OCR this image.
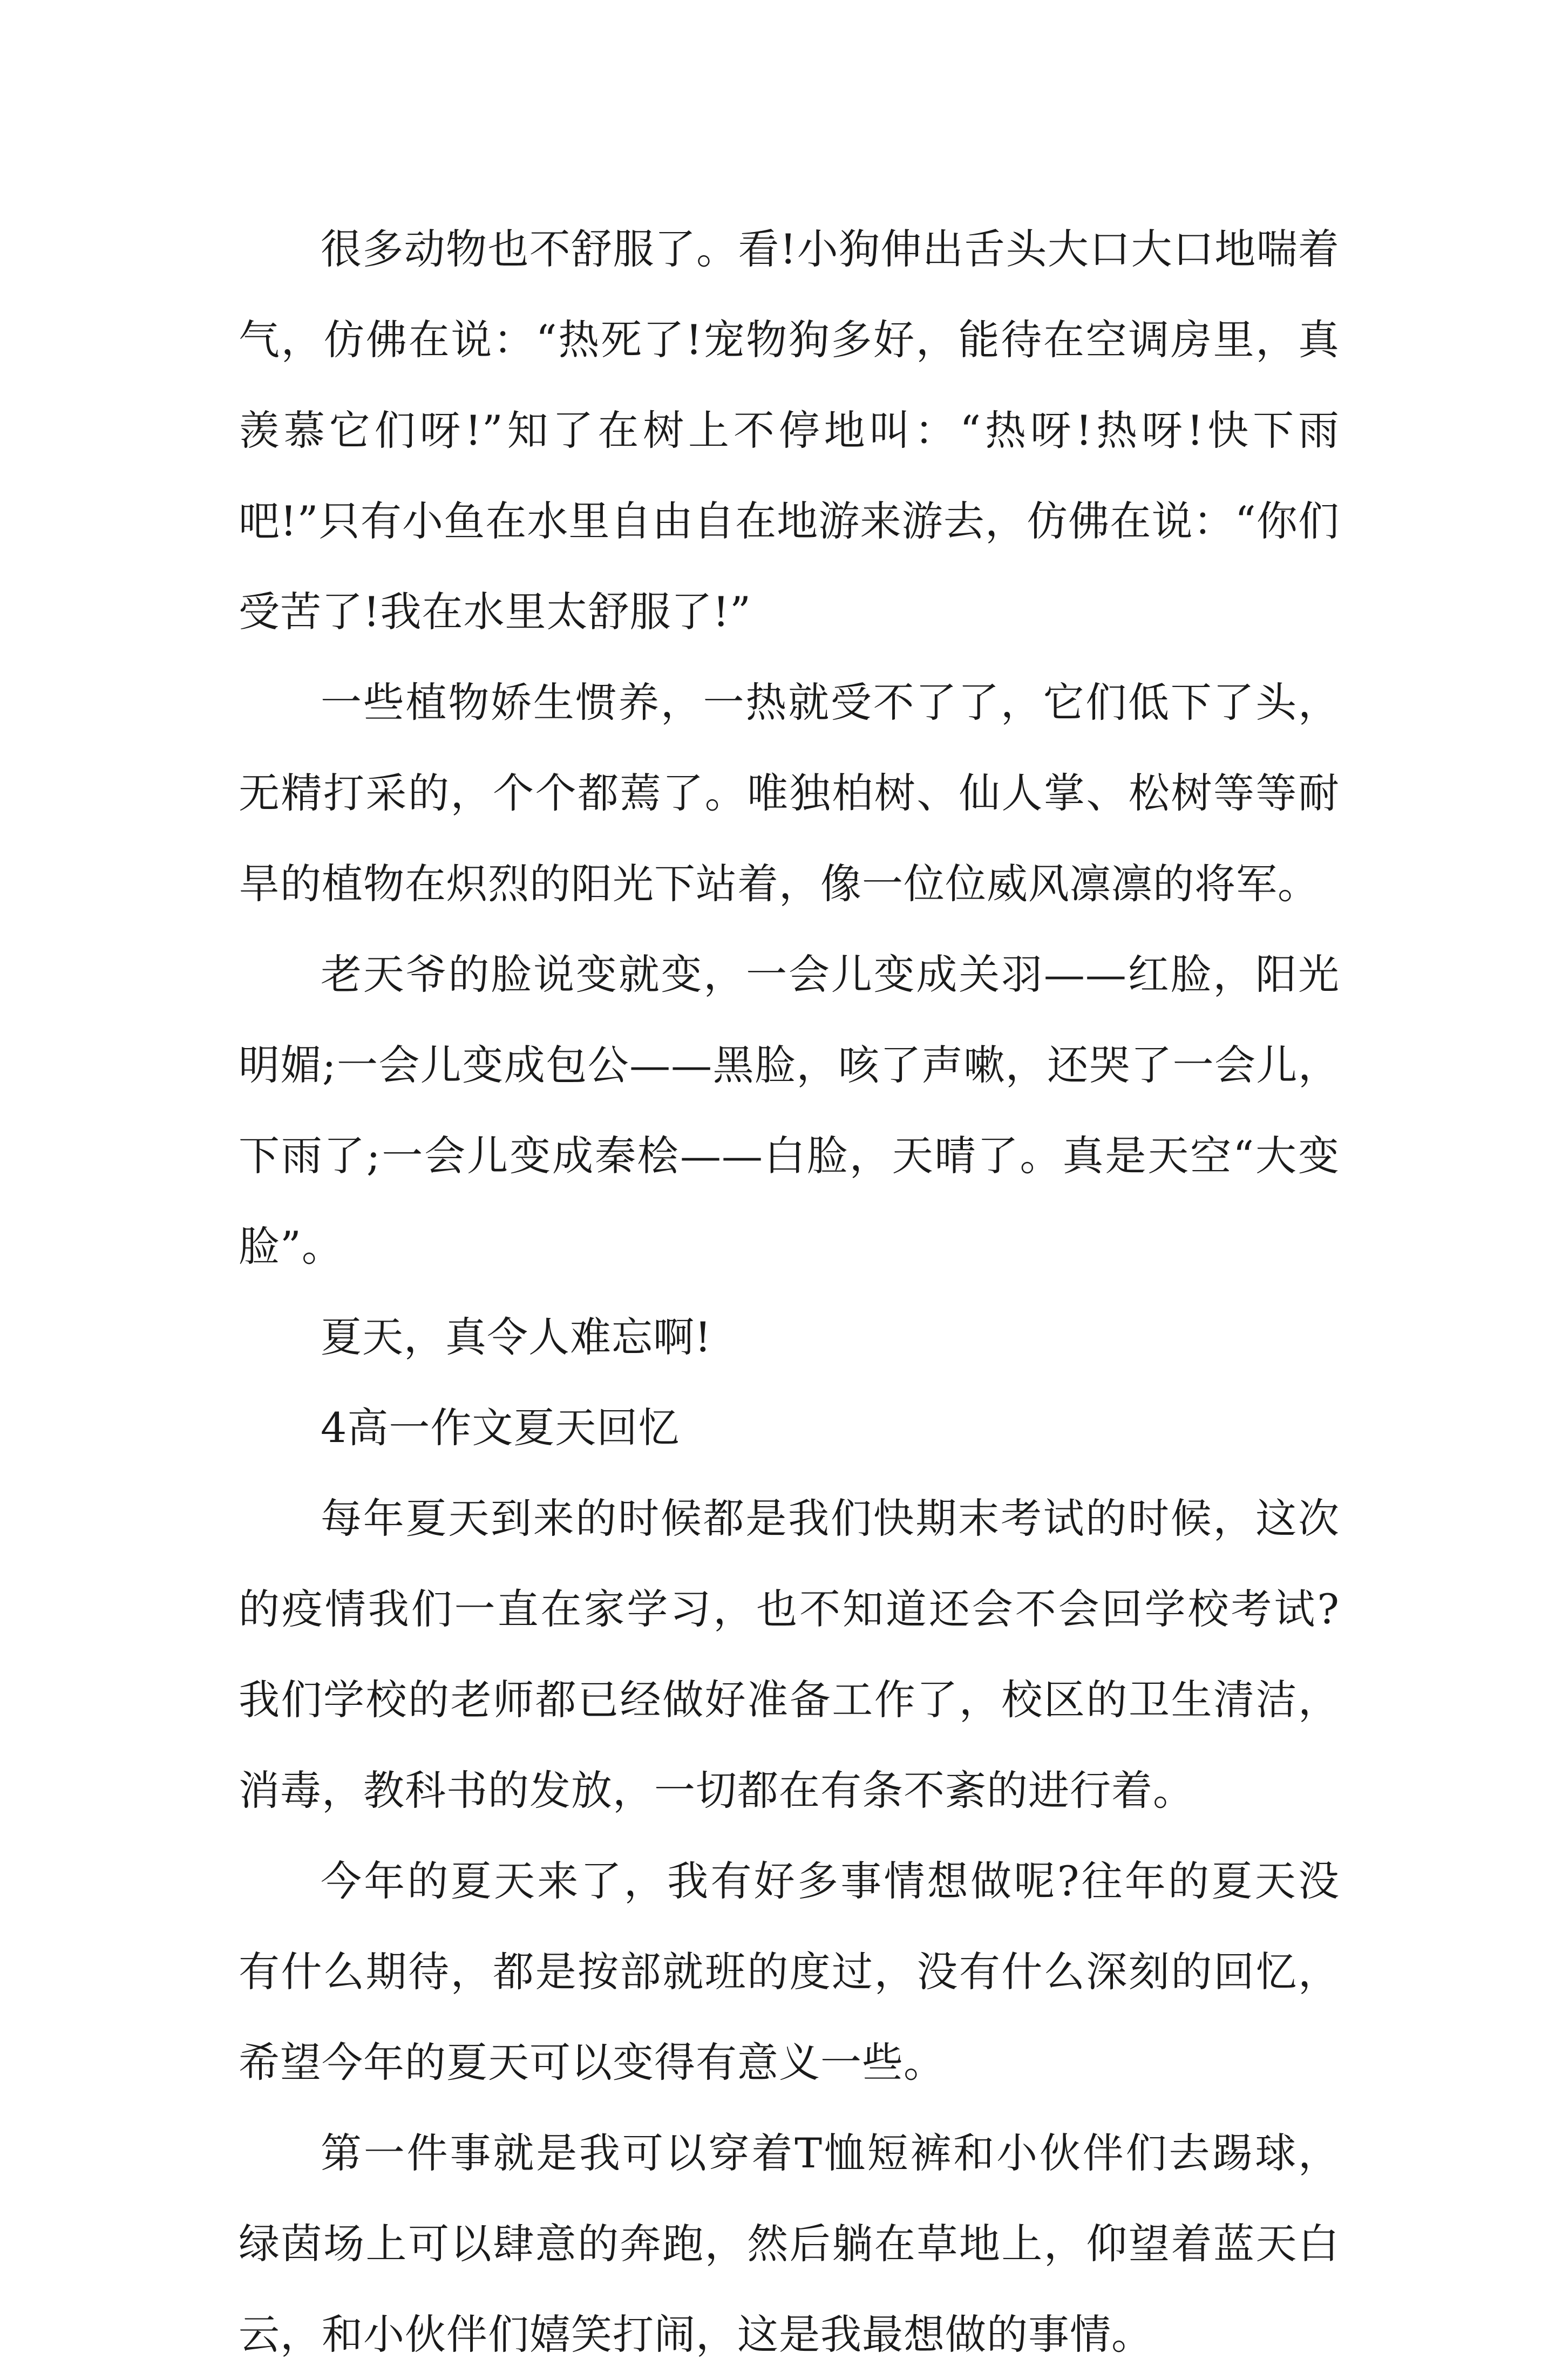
很多动物也不舒服了。看!小狗伸出舌头大口大口地喘着气，仿佛在说：“热死了!宠物狗多好，能待在空调房里，真羡慕它们呀!”知了在树上不停地叫：“热呀!热呀!快下雨吧!”只有小鱼在水里自由自在地游来游去，仿佛在说：“你们受苦了!我在水里太舒服了!”

一些植物娇生惯养，一热就受不了了，它们低下了头，无精打采的，个个都蔫了。唯独柏树、仙人掌、松树等等耐旱的植物在炽烈的阳光下站着，像一位位威风凛凛的将军。

老天爷的脸说变就变，一会儿变成关羽——红脸，阳光明媚;一会儿变成包公——黑脸，咳了声嗽，还哭了一会儿，下雨了;一会儿变成秦桧——白脸，天晴了。真是天空“大变脸”。

夏天，真令人难忘啊!

4高一作文夏天回忆

每年夏天到来的时候都是我们快期末考试的时候，这次的疫情我们一直在家学习，也不知道还会不会回学校考试?我们学校的老师都已经做好准备工作了，校区的卫生清洁，消毒，教科书的发放，一切都在有条不紊的进行着。

今年的夏天来了，我有好多事情想做呢?往年的夏天没有什么期待，都是按部就班的度过，没有什么深刻的回忆，希望今年的夏天可以变得有意义一些。

第一件事就是我可以穿着T恤短裤和小伙伴们去踢球，绿茵场上可以肆意的奔跑，然后躺在草地上，仰望着蓝天白云，和小伙伴们嬉笑打闹，这是我最想做的事情。
